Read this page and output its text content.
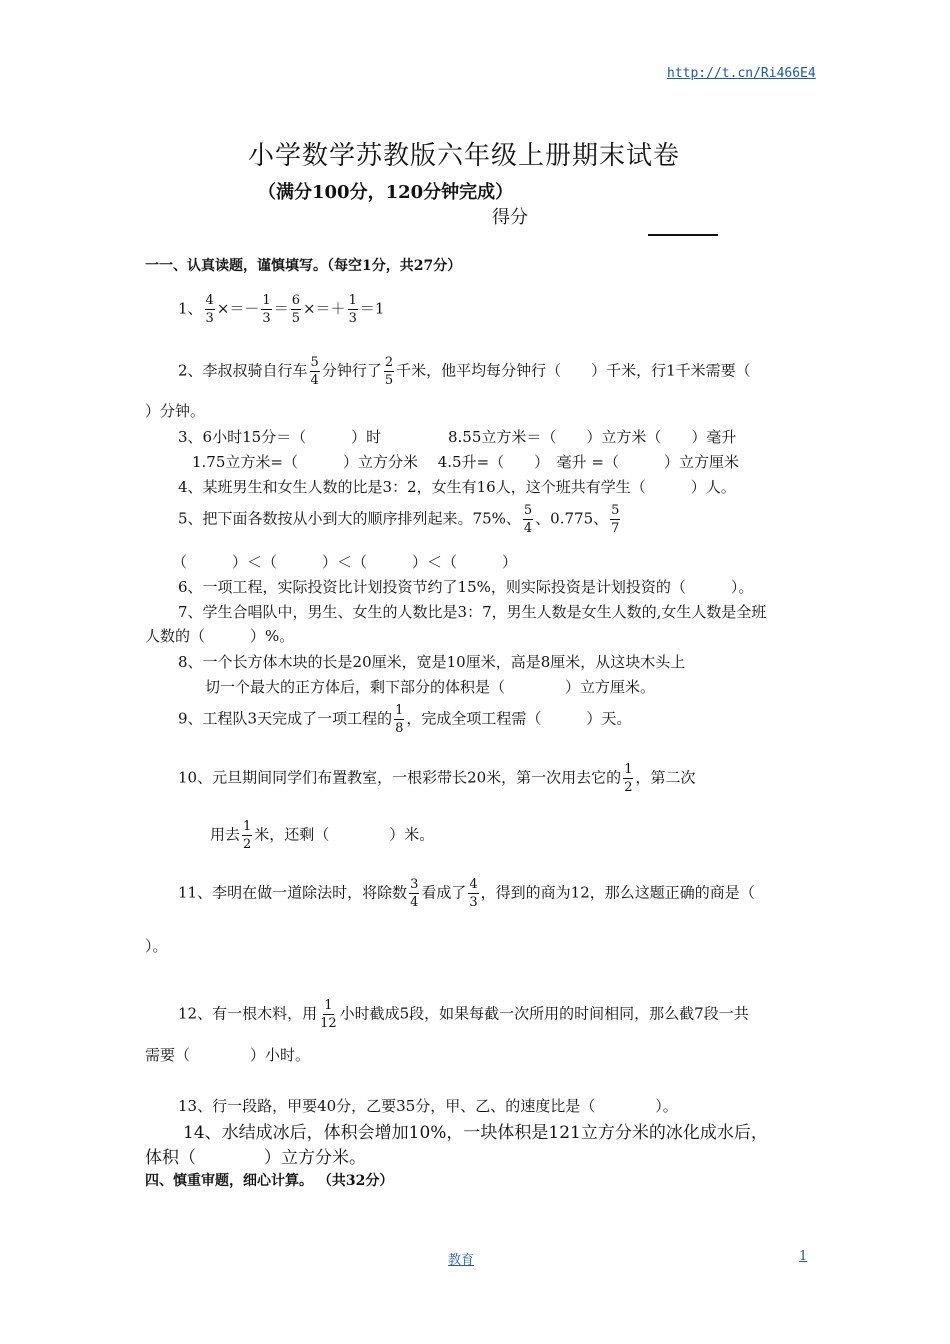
http://t.cn/Ri466E4
小学数学苏教版六年级上册期末试卷
（满分100分，120分钟完成）
得分
一一、认真读题，谨慎填写。（每空1分，共27分）
1、 $\frac{4}{3}$ ×＝－ $\frac{1}{3} = \frac{6}{5}$ ×＝＋ $\frac{1}{3} =1$
2、李叔叔骑自行车 $\frac{5}{4}$ 分钟行了 $\frac{2}{5}$ 千米，他平均每分钟行（　　）千米，行1千米需要（
）分钟。
3、6小时15分＝（　　　）时	8.55立方米＝（　　）立方米（　　）毫升
1.75立方米=（　　　）立方分米　 4.5升=（　　）　毫升 =（　　　）立方厘米
4、某班男生和女生人数的比是3：2，女生有16人，这个班共有学生（　　　）人。
5、把下面各数按从小到大的顺序排列起来。75%、 $\frac{5}{4}$ 、0.775、 $\frac{5}{7}$
（　　　）＜（　　　）＜（　　　）＜（　　　）
6、一项工程，实际投资比计划投资节约了15%，则实际投资是计划投资的（　　　）。
7、学生合唱队中，男生、女生的人数比是3：7，男生人数是女生人数的,女生人数是全班
人数的（　　　）%。
8、一个长方体木块的长是20厘米，宽是10厘米，高是8厘米，从这块木头上
切一个最大的正方体后，剩下部分的体积是（　　　　）立方厘米。
9、工程队3天完成了一项工程的 $\frac{1}{8}$ ，完成全项工程需（　　　）天。
10、元旦期间同学们布置教室，一根彩带长20米，第一次用去它的 $\frac{1}{2}$ ，第二次
用去 $\frac{1}{2}$ 米，还剩（　　　　）米。
11、李明在做一道除法时，将除数 $\frac{3}{4}$ 看成了 $\frac{4}{3}$ ，得到的商为12，那么这题正确的商是（
）。
12、有一根木料，用 $\frac{1}{12}$ 小时截成5段，如果每截一次所用的时间相同，那么截7段一共
需要（　　　　）小时。
13、行一段路，甲要40分，乙要35分，甲、乙、的速度比是（　　　　）。
14、水结成冰后，体积会增加10%，一块体积是121立方分米的冰化成水后，
体积（　　　　）立方分米。
四、慎重审题，细心计算。 （共32分）
教育	1
